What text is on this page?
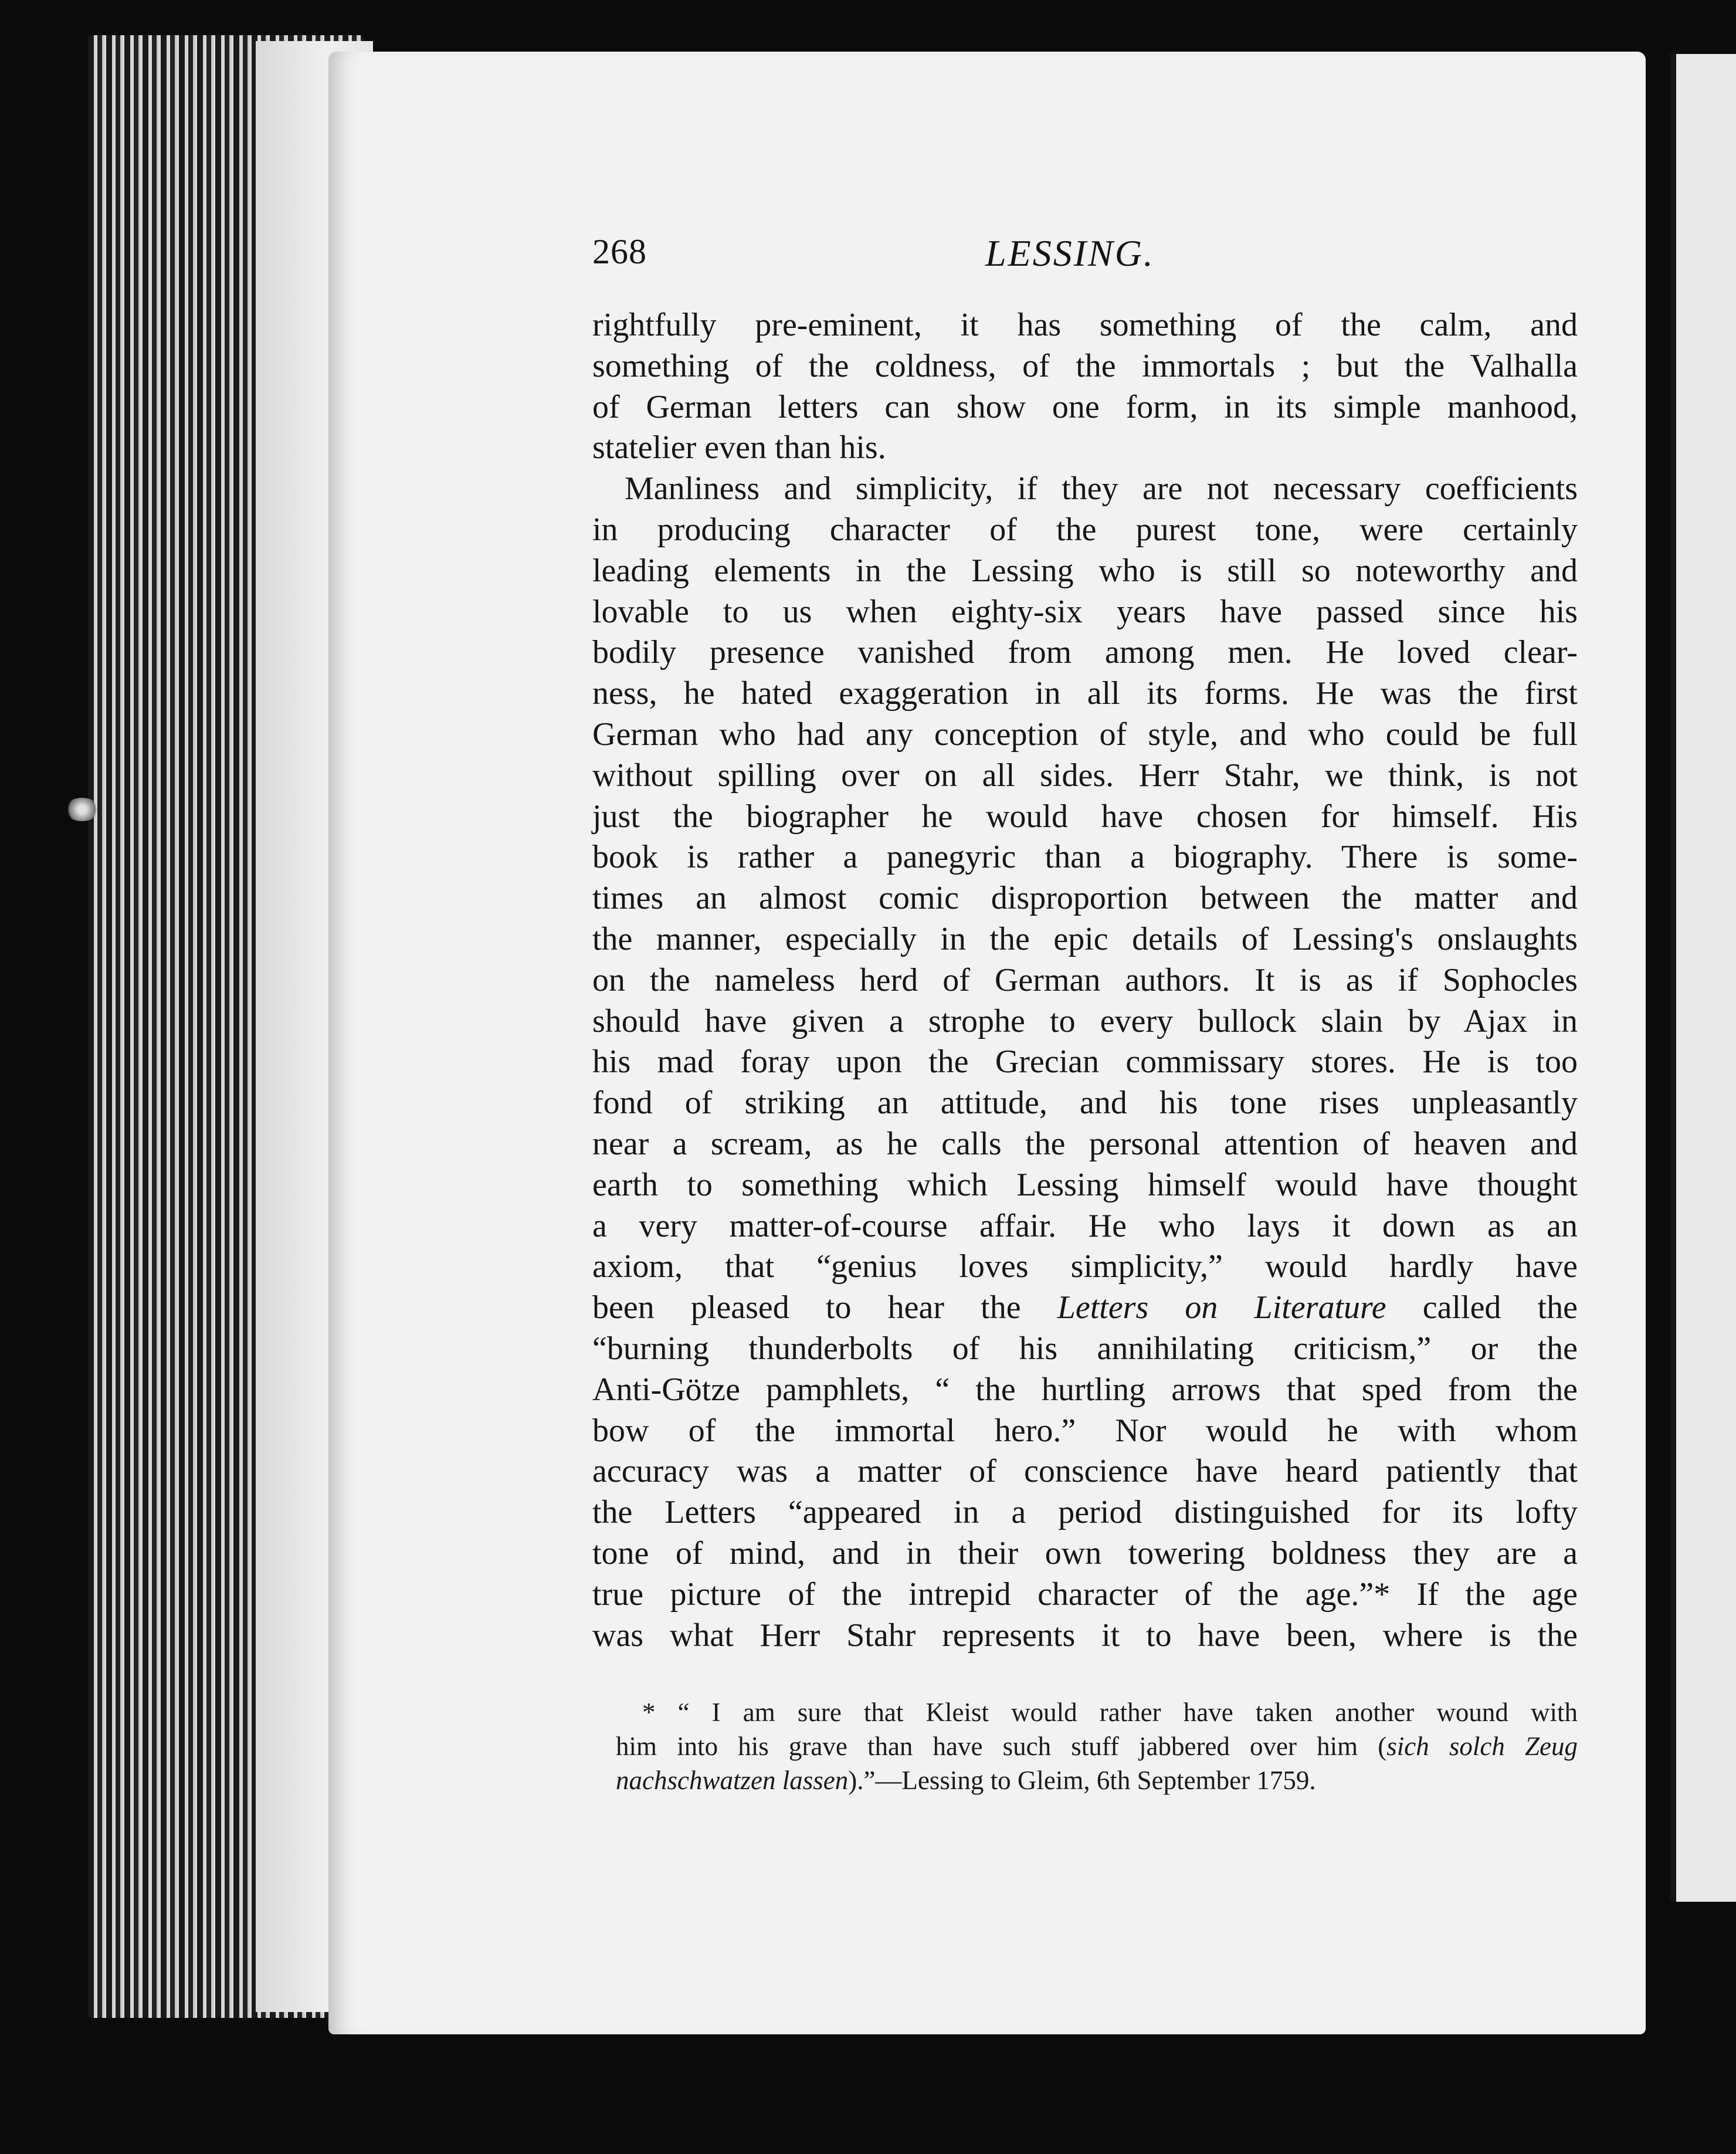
268	LESSING.
rightfully pre-eminent, it has something of the calm, and
something of the coldness, of the immortals ; but the Valhalla
of German letters can show one form, in its simple manhood,
statelier even than his.
Manliness and simplicity, if they are not necessary coefficients
in producing character of the purest tone, were certainly
leading elements in the Lessing who is still so noteworthy and
lovable to us when eighty-six years have passed since his
bodily presence vanished from among men. He loved clear-
ness, he hated exaggeration in all its forms. He was the first
German who had any conception of style, and who could be full
without spilling over on all sides. Herr Stahr, we think, is not
just the biographer he would have chosen for himself. His
book is rather a panegyric than a biography. There is some-
times an almost comic disproportion between the matter and
the manner, especially in the epic details of Lessing's onslaughts
on the nameless herd of German authors. It is as if Sophocles
should have given a strophe to every bullock slain by Ajax in
his mad foray upon the Grecian commissary stores. He is too
fond of striking an attitude, and his tone rises unpleasantly
near a scream, as he calls the personal attention of heaven and
earth to something which Lessing himself would have thought
a very matter-of-course affair. He who lays it down as an
axiom, that “genius loves simplicity,” would hardly have
been pleased to hear the Letters on Literature called the
“burning thunderbolts of his annihilating criticism,” or the
Anti-Götze pamphlets, “ the hurtling arrows that sped from the
bow of the immortal hero.” Nor would he with whom
accuracy was a matter of conscience have heard patiently that
the Letters “appeared in a period distinguished for its lofty
tone of mind, and in their own towering boldness they are a
true picture of the intrepid character of the age.”* If the age
was what Herr Stahr represents it to have been, where is the
* “ I am sure that Kleist would rather have taken another wound with
him into his grave than have such stuff jabbered over him (sich solch Zeug
nachschwatzen lassen).”—Lessing to Gleim, 6th September 1759.
